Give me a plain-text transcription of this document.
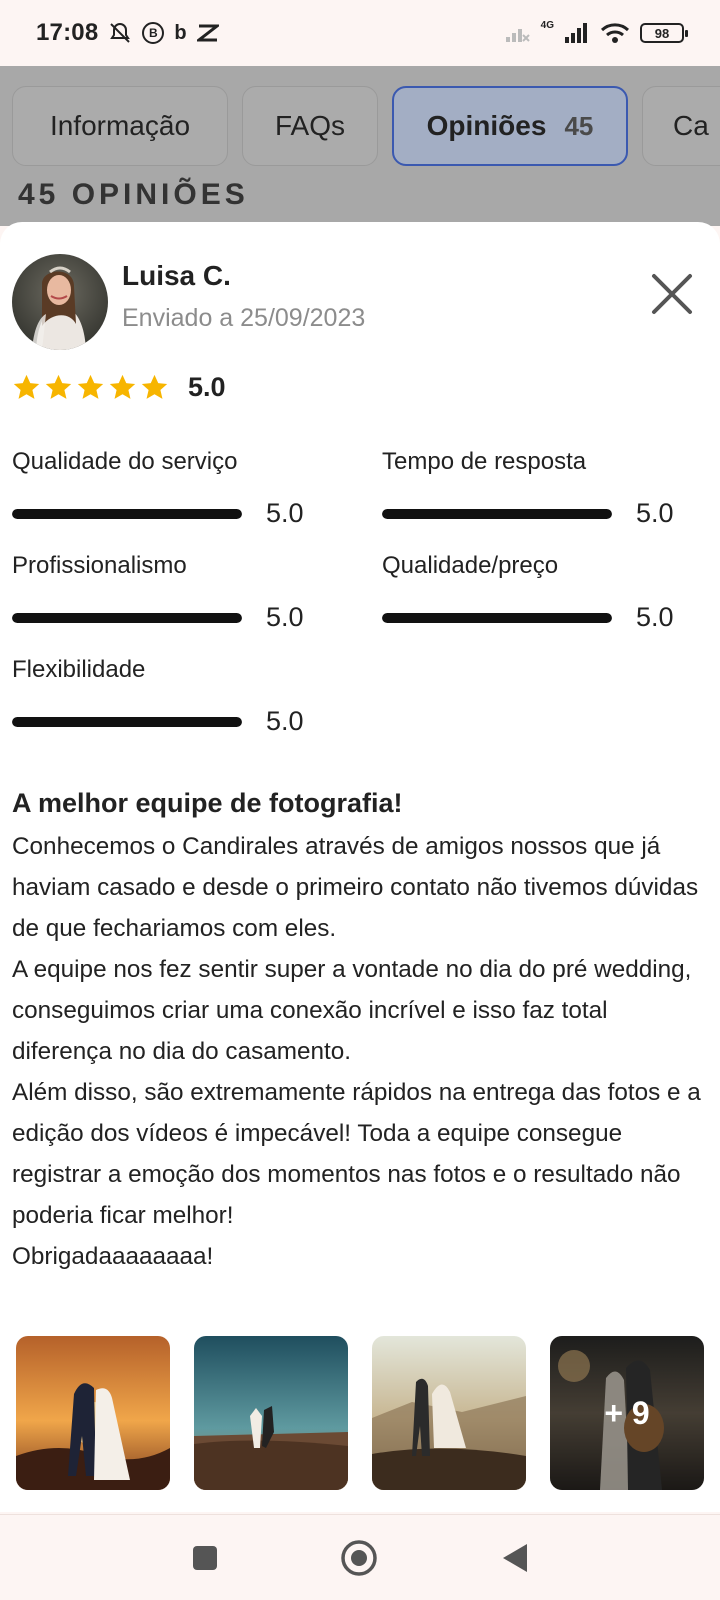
17:08	B b	4G
98
Informação	FAQs	Opiniões 45	Ca
45 OPINIÕES
Luisa C.
Enviado a 25/09/2023
5.0
Qualidade do serviço
5.0
Tempo de resposta
5.0
Profissionalismo
5.0
Qualidade/preço
5.0
Flexibilidade
5.0
A melhor equipe de fotografia!
Conhecemos o Candirales através de amigos nossos que já haviam casado e desde o primeiro contato não tivemos dúvidas de que fechariamos com eles.
A equipe nos fez sentir super a vontade no dia do pré wedding, conseguimos criar uma conexão incrível e isso faz total diferença no dia do casamento.
Além disso, são extremamente rápidos na entrega das fotos e a edição dos vídeos é impecável! Toda a equipe consegue registrar a emoção dos momentos nas fotos e o resultado não poderia ficar melhor!
Obrigadaaaaaaaa!
+ 9
